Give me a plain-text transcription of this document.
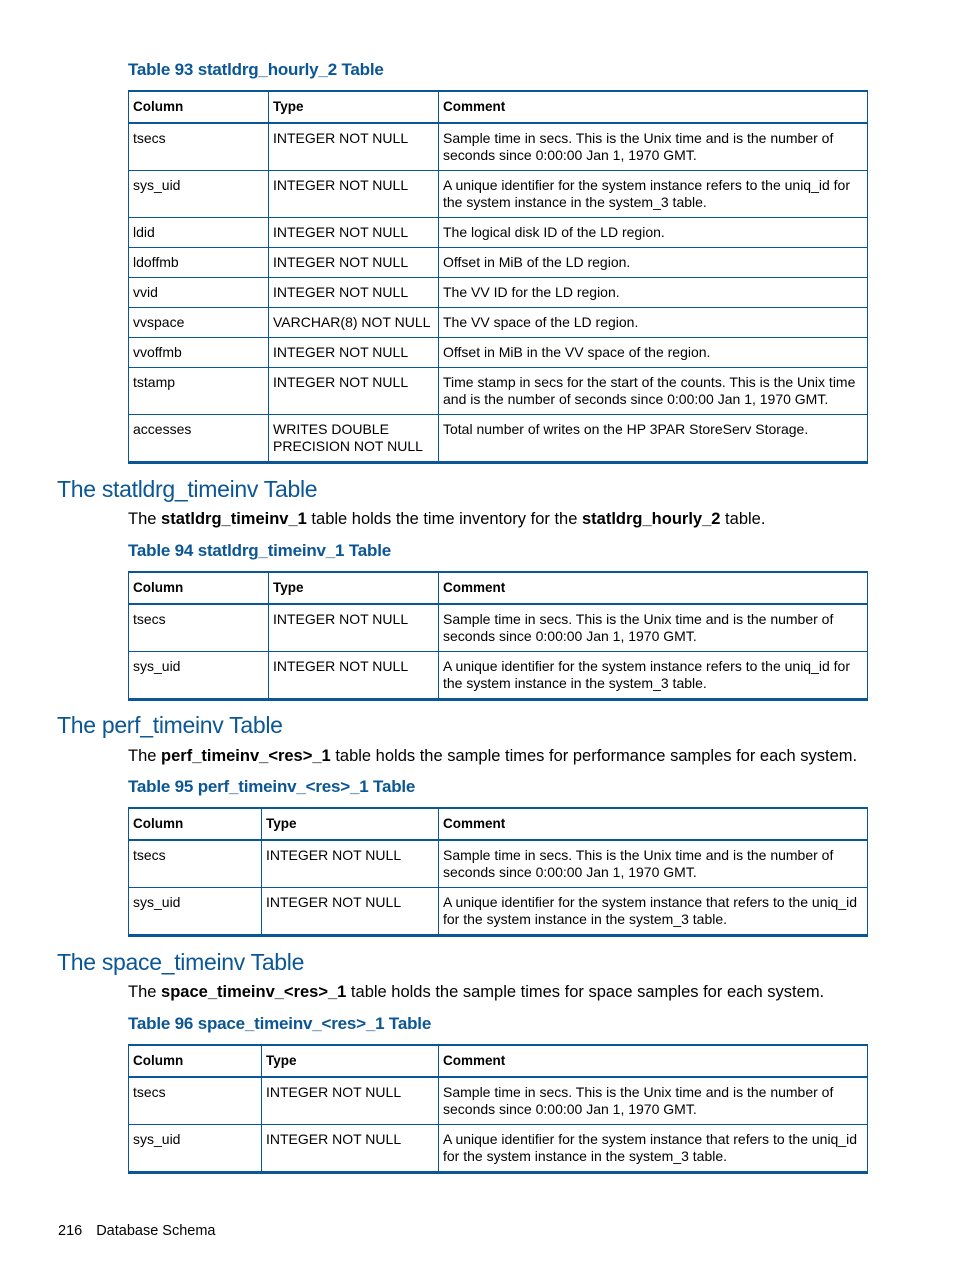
Table 93 statldrg_hourly_2 Table
Column	Type	Comment
tsecs	INTEGER NOT NULL	Sample time in secs. This is the Unix time and is the number of seconds since 0:00:00 Jan 1, 1970 GMT.
sys_uid	INTEGER NOT NULL	A unique identifier for the system instance refers to the uniq_id for the system instance in the system_3 table.
ldid	INTEGER NOT NULL	The logical disk ID of the LD region.
ldoffmb	INTEGER NOT NULL	Offset in MiB of the LD region.
vvid	INTEGER NOT NULL	The VV ID for the LD region.
vvspace	VARCHAR(8) NOT NULL	The VV space of the LD region.
vvoffmb	INTEGER NOT NULL	Offset in MiB in the VV space of the region.
tstamp	INTEGER NOT NULL	Time stamp in secs for the start of the counts. This is the Unix time and is the number of seconds since 0:00:00 Jan 1, 1970 GMT.
accesses	WRITES DOUBLE PRECISION NOT NULL	Total number of writes on the HP 3PAR StoreServ Storage.
The statldrg_timeinv Table
The statldrg_timeinv_1 table holds the time inventory for the statldrg_hourly_2 table.
Table 94 statldrg_timeinv_1 Table
Column	Type	Comment
tsecs	INTEGER NOT NULL	Sample time in secs. This is the Unix time and is the number of seconds since 0:00:00 Jan 1, 1970 GMT.
sys_uid	INTEGER NOT NULL	A unique identifier for the system instance refers to the uniq_id for the system instance in the system_3 table.
The perf_timeinv Table
The perf_timeinv_<res>_1 table holds the sample times for performance samples for each system.
Table 95 perf_timeinv_<res>_1 Table
Column	Type	Comment
tsecs	INTEGER NOT NULL	Sample time in secs. This is the Unix time and is the number of seconds since 0:00:00 Jan 1, 1970 GMT.
sys_uid	INTEGER NOT NULL	A unique identifier for the system instance that refers to the uniq_id for the system instance in the system_3 table.
The space_timeinv Table
The space_timeinv_<res>_1 table holds the sample times for space samples for each system.
Table 96 space_timeinv_<res>_1 Table
Column	Type	Comment
tsecs	INTEGER NOT NULL	Sample time in secs. This is the Unix time and is the number of seconds since 0:00:00 Jan 1, 1970 GMT.
sys_uid	INTEGER NOT NULL	A unique identifier for the system instance that refers to the uniq_id for the system instance in the system_3 table.
216 Database Schema
